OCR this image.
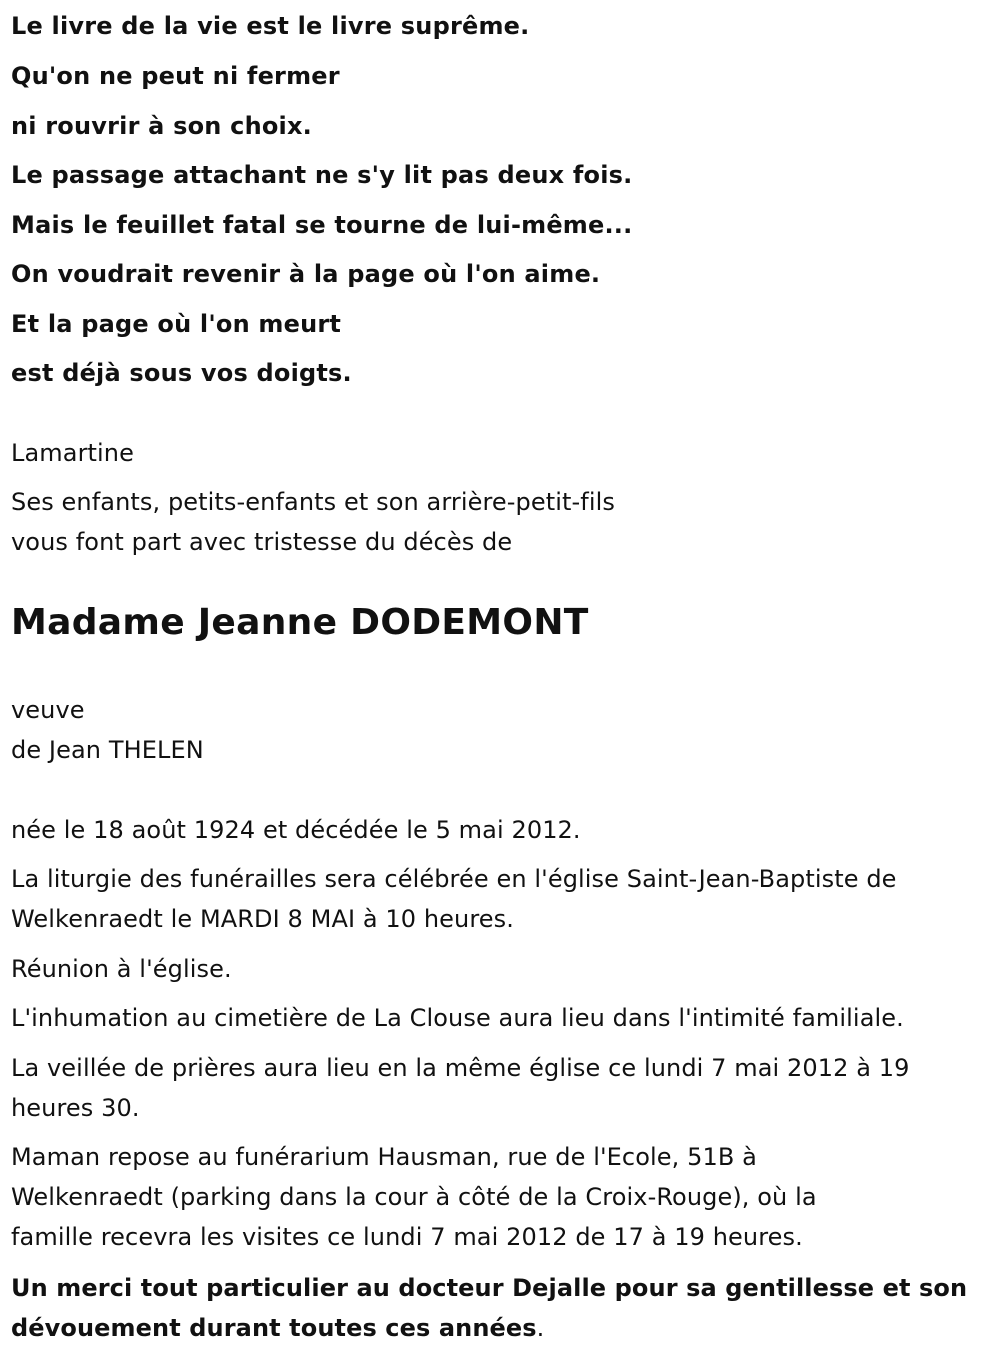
Le livre de la vie est le livre suprême.

Qu'on ne peut ni fermer

ni rouvrir à son choix.

Le passage attachant ne s'y lit pas deux fois.

Mais le feuillet fatal se tourne de lui-même...

On voudrait revenir à la page où l'on aime.

Et la page où l'on meurt

est déjà sous vos doigts.

Lamartine

Ses enfants, petits-enfants et son arrière-petit-fils

vous font part avec tristesse du décès de

Madame Jeanne DODEMONT

veuve

de Jean THELEN

née le 18 août 1924 et décédée le 5 mai 2012.

La liturgie des funérailles sera célébrée en l'église Saint-Jean-Baptiste de

Welkenraedt le MARDI 8 MAI à 10 heures.

Réunion à l'église.

L'inhumation au cimetière de La Clouse aura lieu dans l'intimité familiale.

La veillée de prières aura lieu en la même église ce lundi 7 mai 2012 à 19

heures 30.

Maman repose au funérarium Hausman, rue de l'Ecole, 51B à

Welkenraedt (parking dans la cour à côté de la Croix-Rouge), où la

famille recevra les visites ce lundi 7 mai 2012 de 17 à 19 heures.

Un merci tout particulier au docteur Dejalle pour sa gentillesse et son

dévouement durant toutes ces années.
